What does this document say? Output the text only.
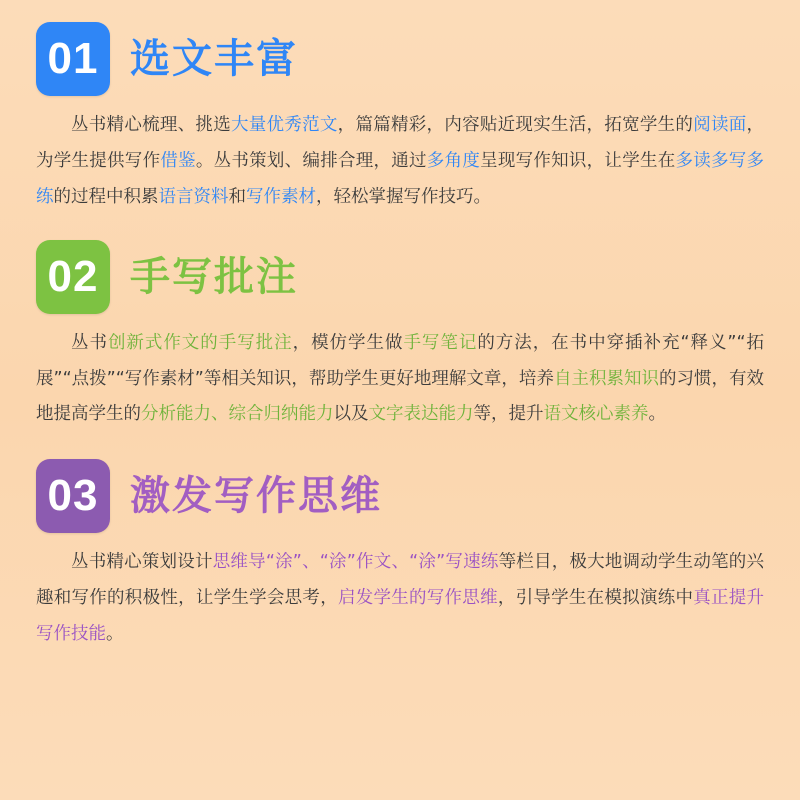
01 选文丰富

丛书精心梳理、挑选大量优秀范文，篇篇精彩，内容贴近现实生活，拓宽学生的阅读面，为学生提供写作借鉴。丛书策划、编排合理，通过多角度呈现写作知识，让学生在多读多写多练的过程中积累语言资料和写作素材，轻松掌握写作技巧。

02 手写批注

丛书创新式作文的手写批注，模仿学生做手写笔记的方法，在书中穿插补充“释义”“拓展”“点拨”“写作素材”等相关知识，帮助学生更好地理解文章，培养自主积累知识的习惯，有效地提高学生的分析能力、综合归纳能力以及文字表达能力等，提升语文核心素养。

03 激发写作思维

丛书精心策划设计思维导“涂”、“涂”作文、“涂”写速练等栏目，极大地调动学生动笔的兴趣和写作的积极性，让学生学会思考，启发学生的写作思维，引导学生在模拟演练中真正提升写作技能。
